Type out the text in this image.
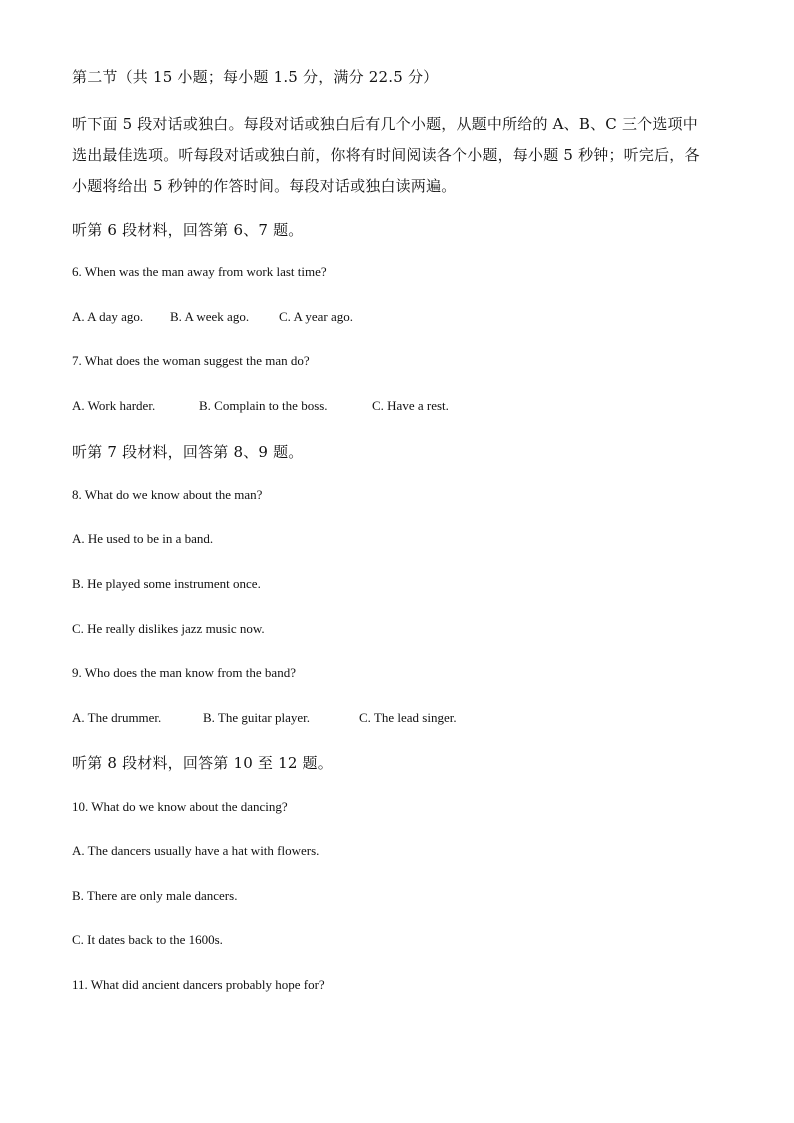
第二节（共 15 小题；每小题 1.5 分，满分 22.5 分）
听下面 5 段对话或独白。每段对话或独白后有几个小题，从题中所给的 A、B、C 三个选项中
选出最佳选项。听每段对话或独白前，你将有时间阅读各个小题，每小题 5 秒钟；听完后，各
小题将给出 5 秒钟的作答时间。每段对话或独白读两遍。
听第 6 段材料，回答第 6、7 题。
6. When was the man away from work last time?
A. A day ago. B. A week ago. C. A year ago.
7. What does the woman suggest the man do?
A. Work harder.	B. Complain to the boss.	C. Have a rest.
听第 7 段材料，回答第 8、9 题。
8. What do we know about the man?
A. He used to be in a band.
B. He played some instrument once.
C. He really dislikes jazz music now.
9. Who does the man know from the band?
A. The drummer.	B. The guitar player.	C. The lead singer.
听第 8 段材料，回答第 10 至 12 题。
10. What do we know about the dancing?
A. The dancers usually have a hat with flowers.
B. There are only male dancers.
C. It dates back to the 1600s.
11. What did ancient dancers probably hope for?
